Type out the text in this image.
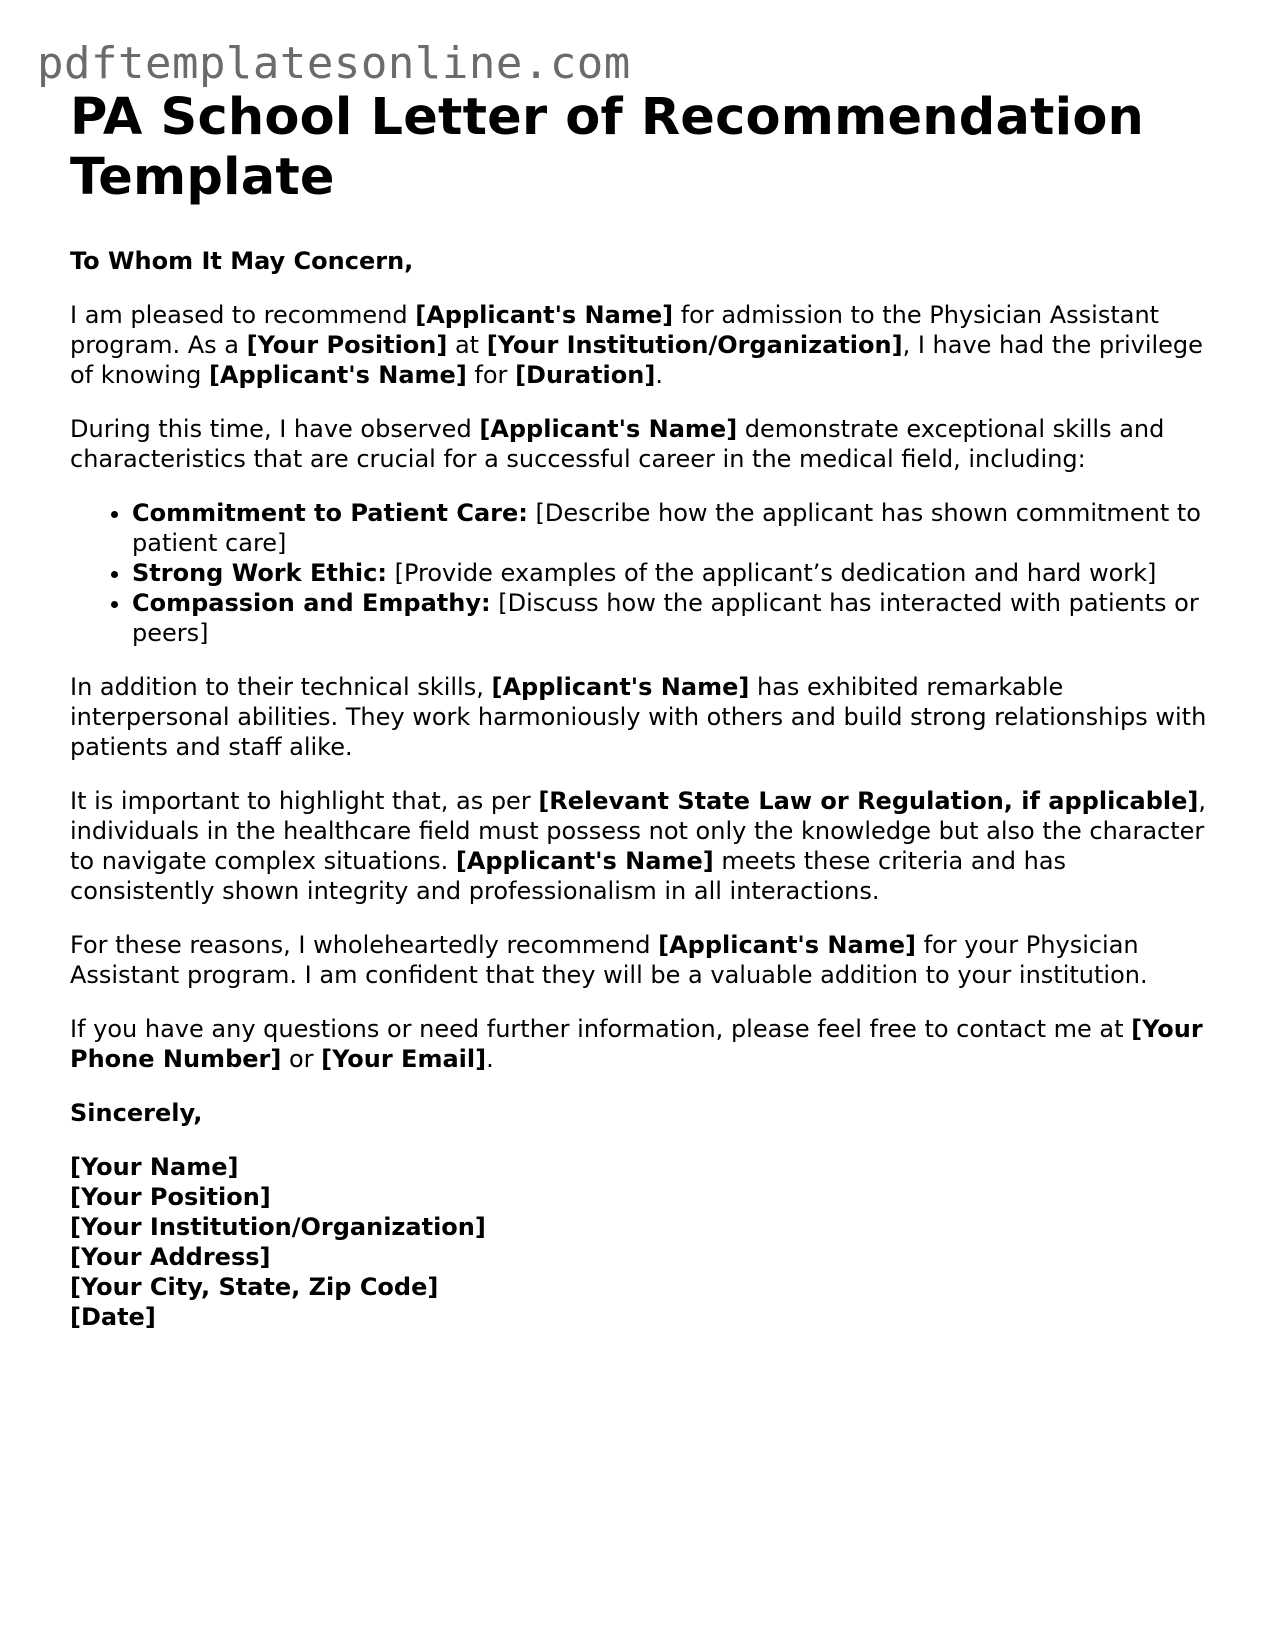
pdftemplatesonline.com
PA School Letter of Recommendation Template

To Whom It May Concern,

I am pleased to recommend [Applicant's Name] for admission to the Physician Assistant program. As a [Your Position] at [Your Institution/Organization], I have had the privilege of knowing [Applicant's Name] for [Duration].

During this time, I have observed [Applicant's Name] demonstrate exceptional skills and characteristics that are crucial for a successful career in the medical field, including:

• Commitment to Patient Care: [Describe how the applicant has shown commitment to patient care]
• Strong Work Ethic: [Provide examples of the applicant’s dedication and hard work]
• Compassion and Empathy: [Discuss how the applicant has interacted with patients or peers]

In addition to their technical skills, [Applicant's Name] has exhibited remarkable interpersonal abilities. They work harmoniously with others and build strong relationships with patients and staff alike.

It is important to highlight that, as per [Relevant State Law or Regulation, if applicable], individuals in the healthcare field must possess not only the knowledge but also the character to navigate complex situations. [Applicant's Name] meets these criteria and has consistently shown integrity and professionalism in all interactions.

For these reasons, I wholeheartedly recommend [Applicant's Name] for your Physician Assistant program. I am confident that they will be a valuable addition to your institution.

If you have any questions or need further information, please feel free to contact me at [Your Phone Number] or [Your Email].

Sincerely,

[Your Name]
[Your Position]
[Your Institution/Organization]
[Your Address]
[Your City, State, Zip Code]
[Date]
